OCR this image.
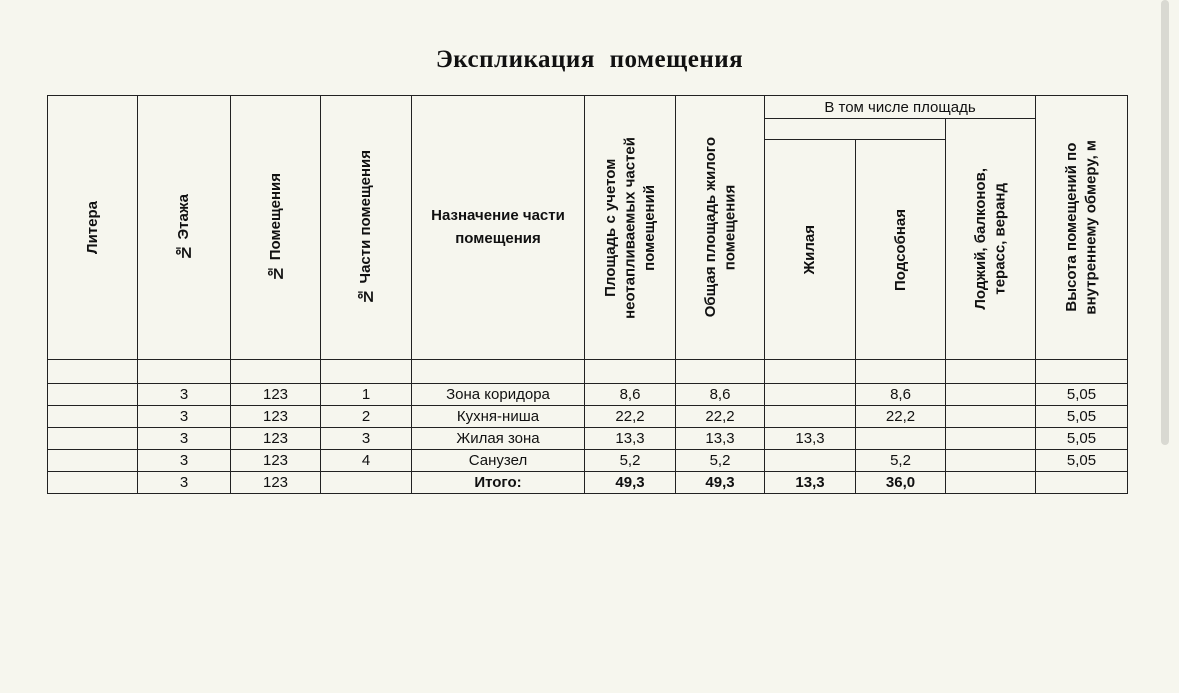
Экспликация помещения
Литера	№ Этажа	№ Помещения	№ Части помещения	Назначение части
помещения	Площадь с учетом неотапливаемых частей помещений	Общая площадь жилого помещения	В том числе площадь			Высота помещений по внутреннему обмеру, м

									Лоджий, балконов, терасс, веранд	

							Жилая	Подсобная		

	3	123	1	Зона коридора	8,6	8,6		8,6		5,05
	3	123	2	Кухня-ниша	22,2	22,2		22,2		5,05
	3	123	3	Жилая зона	13,3	13,3	13,3			5,05
	3	123	4	Санузел	5,2	5,2		5,2		5,05
	3	123		Итого:	49,3	49,3	13,3	36,0		
